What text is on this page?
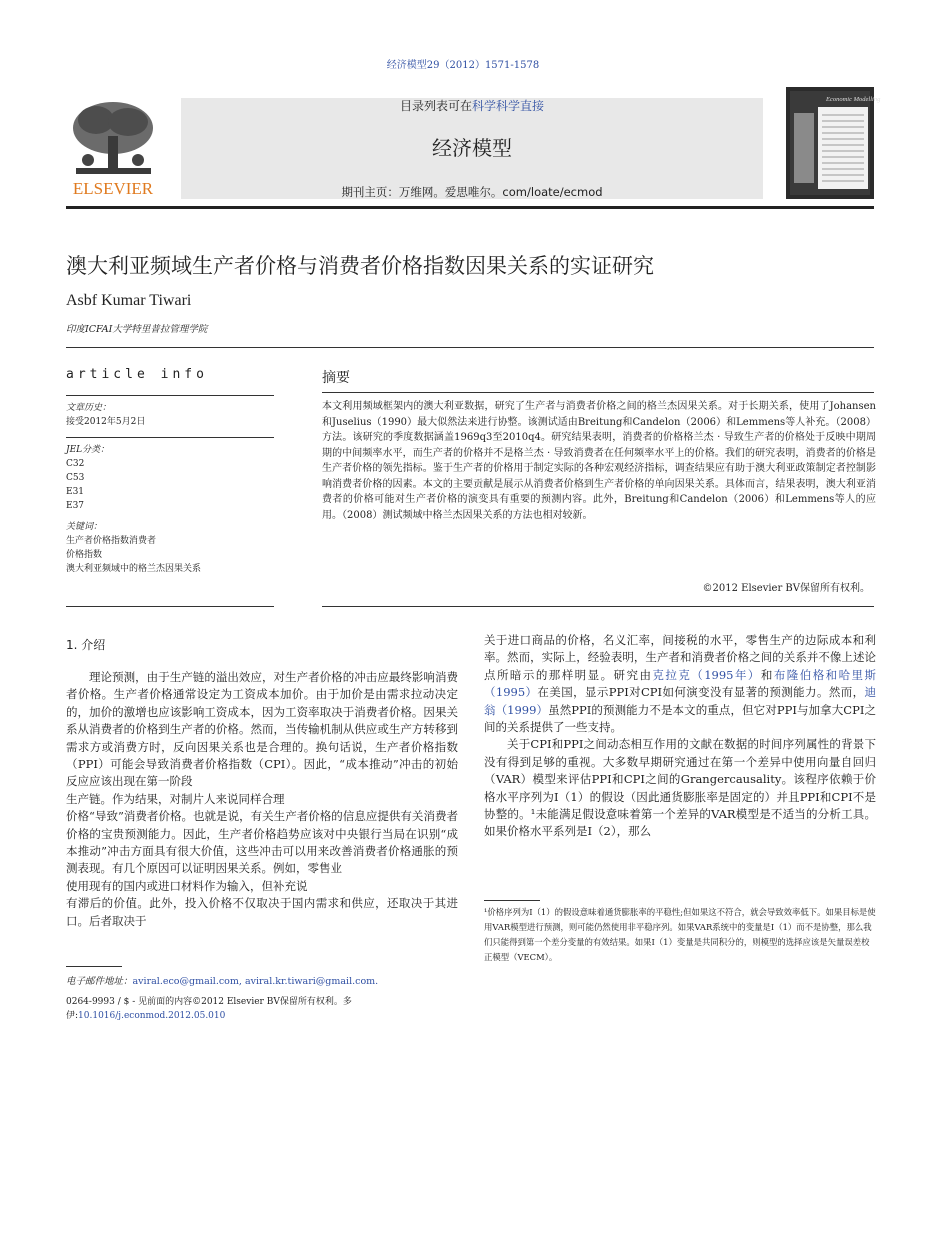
经济模型29（2012）1571-1578
ELSEVIER
目录列表可在科学科学直接
经济模型
期刊主页：万维网。爱思唯尔。com/loate/ecmod
Economic Modelling
澳大利亚频域生产者价格与消费者价格指数因果关系的实证研究
Asbf Kumar Tiwari
印度ICFAI大学特里普拉管理学院
article info
文章历史：
接受2012年5月2日
JEL分类：
C32
C53
E31
E37
关键词：
生产者价格指数消费者
价格指数
澳大利亚频域中的格兰杰因果关系
摘要
本文利用频域框架内的澳大利亚数据，研究了生产者与消费者价格之间的格兰杰因果关系。对于长期关系，使用了Johansen和Juselius（1990）最大似然法来进行协整。该测试适由Breitung和Candelon（2006）和Lemmens等人补充。（2008）方法。该研究的季度数据涵盖1969q3至2010q4。研究结果表明，消费者的价格格兰杰 · 导致生产者的价格处于反映中期周期的中间频率水平，而生产者的价格并不是格兰杰 · 导致消费者在任何频率水平上的价格。我们的研究表明，消费者的价格是生产者价格的领先指标。鉴于生产者的价格用于制定实际的各种宏观经济指标，调查结果应有助于澳大利亚政策制定者控制影响消费者价格的因素。本文的主要贡献是展示从消费者价格到生产者价格的单向因果关系。具体而言，结果表明，澳大利亚消费者的价格可能对生产者价格的演变具有重要的预测内容。此外，Breitung和Candelon（2006）和Lemmens等人的应用。（2008）测试频域中格兰杰因果关系的方法也相对较新。
©2012 Elsevier BV保留所有权利。
1. 介绍

理论预测，由于生产链的溢出效应，对生产者价格的冲击应最终影响消费者价格。生产者价格通常设定为工资成本加价。由于加价是由需求拉动决定的，加价的激增也应该影响工资成本，因为工资率取决于消费者价格。因果关系从消费者的价格到生产者的价格。然而，当传输机制从供应或生产方转移到需求方或消费方时，反向因果关系也是合理的。换句话说，生产者价格指数（PPI）可能会导致消费者价格指数（CPI）。因此，“成本推动”冲击的初始反应应该出现在第一阶段

生产链。作为结果，对制片人来说同样合理

价格“导致”消费者价格。也就是说，有关生产者价格的信息应提供有关消费者价格的宝贵预测能力。因此，生产者价格趋势应该对中央银行当局在识别“成本推动”冲击方面具有很大价值，这些冲击可以用来改善消费者价格通胀的预测表现。有几个原因可以证明因果关系。例如，零售业

使用现有的国内或进口材料作为输入，但补充说

有滞后的价值。此外，投入价格不仅取决于国内需求和供应，还取决于其进口。后者取决于

关于进口商品的价格，名义汇率，间接税的水平，零售生产的边际成本和利率。然而，实际上，经验表明，生产者和消费者价格之间的关系并不像上述论点所暗示的那样明显。研究由克拉克（1995年）和布隆伯格和哈里斯（1995）在美国，显示PPI对CPI如何演变没有显著的预测能力。然而，迪翁（1999）虽然PPI的预测能力不是本文的重点，但它对PPI与加拿大CPI之间的关系提供了一些支持。

关于CPI和PPI之间动态相互作用的文献在数据的时间序列属性的背景下没有得到足够的重视。大多数早期研究通过在第一个差异中使用向量自回归（VAR）模型来评估PPI和CPI之间的Grangercausality。该程序依赖于价格水平序列为I（1）的假设（因此通货膨胀率是固定的）并且PPI和CPI不是协整的。¹未能满足假设意味着第一个差异的VAR模型是不适当的分析工具。如果价格水平系列是I（2），那么

¹价格序列为I（1）的假设意味着通货膨胀率的平稳性;但如果这不符合，就会导致效率低下。如果目标是使用VAR模型进行预测，则可能仍然使用非平稳序列。如果VAR系统中的变量是I（1）而不是协整，那么我们只能得到第一个差分变量的有效结果。如果I（1）变量是共同积分的，则模型的选择应该是矢量误差校正模型（VECM）。
电子邮件地址：aviral.eco@gmail.com, aviral.kr.tiwari@gmail.com.
0264-9993 / $ - 见前面的内容©2012 Elsevier BV保留所有权利。多伊:10.1016/j.econmod.2012.05.010
